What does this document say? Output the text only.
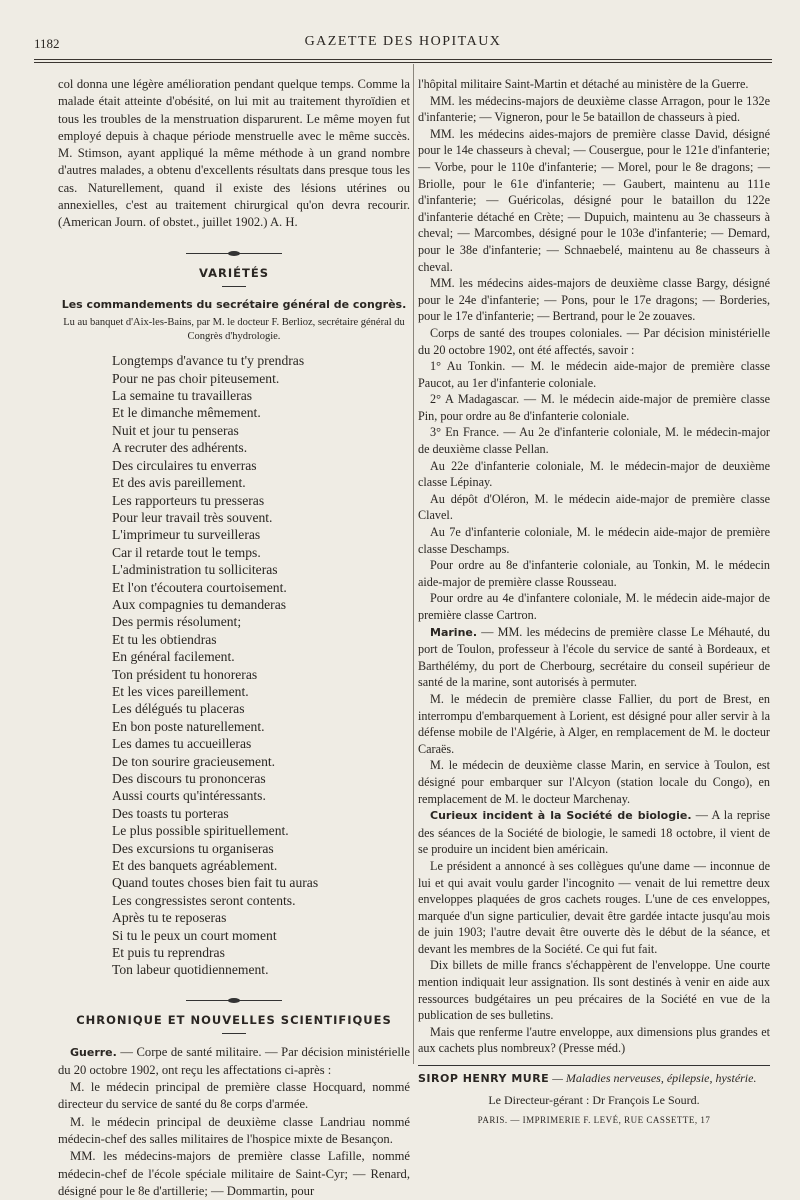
1182	GAZETTE DES HOPITAUX

col donna une légère amélioration pendant quelque temps. Comme la malade était atteinte d'obésité, on lui mit au traitement thyroïdien et tous les troubles de la menstruation disparurent. Le même moyen fut employé depuis à chaque période menstruelle avec le même succès. M. Stimson, ayant appliqué la même méthode à un grand nombre d'autres malades, a obtenu d'excellents résultats dans presque tous les cas. Naturellement, quand il existe des lésions utérines ou annexielles, c'est au traitement chirurgical qu'on devra recourir. (American Journ. of obstet., juillet 1902.) A. H.

VARIÉTÉS
Les commandements du secrétaire général de congrès.
Lu au banquet d'Aix-les-Bains, par M. le docteur F. Berlioz, secrétaire général du Congrès d'hydrologie.
Longtemps d'avance tu t'y prendras
Pour ne pas choir piteusement.
La semaine tu travailleras
Et le dimanche mêmement.
Nuit et jour tu penseras
A recruter des adhérents.
Des circulaires tu enverras
Et des avis pareillement.
Les rapporteurs tu presseras
Pour leur travail très souvent.
L'imprimeur tu surveilleras
Car il retarde tout le temps.
L'administration tu solliciteras
Et l'on t'écoutera courtoisement.
Aux compagnies tu demanderas
Des permis résolument;
Et tu les obtiendras
En général facilement.
Ton président tu honoreras
Et les vices pareillement.
Les délégués tu placeras
En bon poste naturellement.
Les dames tu accueilleras
De ton sourire gracieusement.
Des discours tu prononceras
Aussi courts qu'intéressants.
Des toasts tu porteras
Le plus possible spirituellement.
Des excursions tu organiseras
Et des banquets agréablement.
Quand toutes choses bien fait tu auras
Les congressistes seront contents.
Après tu te reposeras
Si tu le peux un court moment
Et puis tu reprendras
Ton labeur quotidiennement.
CHRONIQUE ET NOUVELLES SCIENTIFIQUES

Guerre. — Corpe de santé militaire. — Par décision ministérielle du 20 octobre 1902, ont reçu les affectations ci-après :

M. le médecin principal de première classe Hocquard, nommé directeur du service de santé du 8e corps d'armée.

M. le médecin principal de deuxième classe Landriau nommé médecin-chef des salles militaires de l'hospice mixte de Besançon.

MM. les médecins-majors de première classe Lafille, nommé médecin-chef de l'école spéciale militaire de Saint-Cyr; — Renard, désigné pour le 8e d'artillerie; — Dommartin, pour

l'hôpital militaire Saint-Martin et détaché au ministère de la Guerre.

MM. les médecins-majors de deuxième classe Arragon, pour le 132e d'infanterie; — Vigneron, pour le 5e bataillon de chasseurs à pied.

MM. les médecins aides-majors de première classe David, désigné pour le 14e chasseurs à cheval; — Cousergue, pour le 121e d'infanterie; — Vorbe, pour le 110e d'infanterie; — Morel, pour le 8e dragons; — Briolle, pour le 61e d'infanterie; — Gaubert, maintenu au 111e d'infanterie; — Guéricolas, désigné pour le bataillon du 122e d'infanterie détaché en Crète; — Dupuich, maintenu au 3e chasseurs à cheval; — Marcombes, désigné pour le 103e d'infanterie; — Demard, pour le 38e d'infanterie; — Schnaebelé, maintenu au 8e chasseurs à cheval.

MM. les médecins aides-majors de deuxième classe Bargy, désigné pour le 24e d'infanterie; — Pons, pour le 17e dragons; — Borderies, pour le 17e d'infanterie; — Bertrand, pour le 2e zouaves.

Corps de santé des troupes coloniales. — Par décision ministérielle du 20 octobre 1902, ont été affectés, savoir :

1° Au Tonkin. — M. le médecin aide-major de première classe Paucot, au 1er d'infanterie coloniale.

2° A Madagascar. — M. le médecin aide-major de première classe Pin, pour ordre au 8e d'infanterie coloniale.

3° En France. — Au 2e d'infanterie coloniale, M. le médecin-major de deuxième classe Pellan.

Au 22e d'infanterie coloniale, M. le médecin-major de deuxième classe Lépinay.

Au dépôt d'Oléron, M. le médecin aide-major de première classe Clavel.

Au 7e d'infanterie coloniale, M. le médecin aide-major de première classe Deschamps.

Pour ordre au 8e d'infanterie coloniale, au Tonkin, M. le médecin aide-major de première classe Rousseau.

Pour ordre au 4e d'infantere coloniale, M. le médecin aide-major de première classe Cartron.

Marine. — MM. les médecins de première classe Le Méhauté, du port de Toulon, professeur à l'école du service de santé à Bordeaux, et Barthélémy, du port de Cherbourg, secrétaire du conseil supérieur de santé de la marine, sont autorisés à permuter.

M. le médecin de première classe Fallier, du port de Brest, en interrompu d'embarquement à Lorient, est désigné pour aller servir à la défense mobile de l'Algérie, à Alger, en remplacement de M. le docteur Caraës.

M. le médecin de deuxième classe Marin, en service à Toulon, est désigné pour embarquer sur l'Alcyon (station locale du Congo), en remplacement de M. le docteur Marchenay.

Curieux incident à la Société de biologie. — A la reprise des séances de la Société de biologie, le samedi 18 octobre, il vient de se produire un incident bien américain.

Le président a annoncé à ses collègues qu'une dame — inconnue de lui et qui avait voulu garder l'incognito — venait de lui remettre deux enveloppes plaquées de gros cachets rouges. L'une de ces enveloppes, marquée d'un signe particulier, devait être gardée intacte jusqu'au mois de juin 1903; l'autre devait être ouverte dès le début de la séance, et devant les membres de la Société. Ce qui fut fait.

Dix billets de mille francs s'échappèrent de l'enveloppe. Une courte mention indiquait leur assignation. Ils sont destinés à venir en aide aux ressources budgétaires un peu précaires de la Société en vue de la publication de ses bulletins.

Mais que renferme l'autre enveloppe, aux dimensions plus grandes et aux cachets plus nombreux? (Presse méd.)

SIROP HENRY MURE — Maladies nerveuses, épilepsie, hystérie.
Le Directeur-gérant : Dr François Le Sourd.
PARIS. — IMPRIMERIE F. LEVÉ, RUE CASSETTE, 17
